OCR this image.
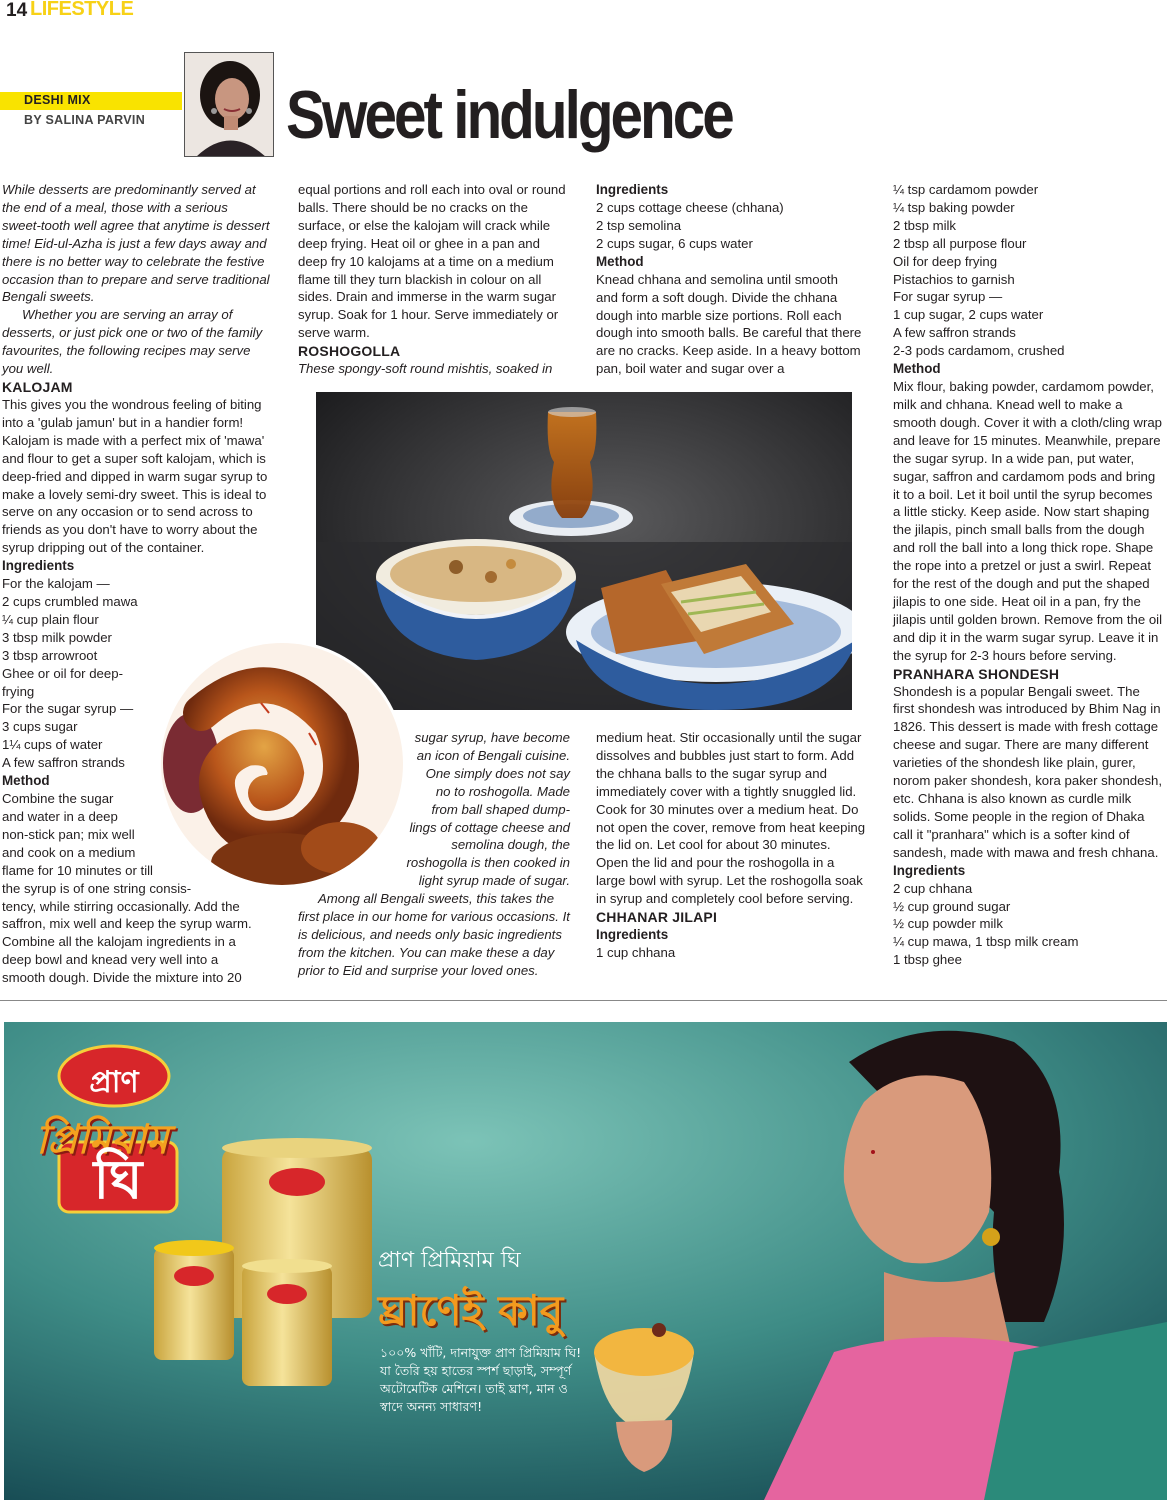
14 LIFESTYLE
DESHI MIX
BY SALINA PARVIN Sweet indulgence

While desserts are predominantly served at the end of a meal, those with a serious sweet-tooth well agree that anytime is dessert time! Eid-ul-Azha is just a few days away and there is no better way to celebrate the festive occasion than to prepare and serve traditional Bengali sweets.

Whether you are serving an array of desserts, or just pick one or two of the family favourites, the following recipes may serve you well.

KALOJAM

This gives you the wondrous feeling of biting into a 'gulab jamun' but in a handier form! Kalojam is made with a perfect mix of 'mawa' and flour to get a super soft kalojam, which is deep-fried and dipped in warm sugar syrup to make a lovely semi-dry sweet. This is ideal to serve on any occasion or to send across to friends as you don't have to worry about the syrup dripping out of the container.

Ingredients

For the kalojam —
2 cups crumbled mawa
¼ cup plain flour
3 tbsp milk powder
3 tbsp arrowroot
Ghee or oil for deep-
frying
For the sugar syrup —
3 cups sugar
1¼ cups of water
A few saffron strands

Method

Combine the sugar
and water in a deep
non-stick pan; mix well
and cook on a medium
flame for 10 minutes or till
the syrup is of one string consis-
tency, while stirring occasionally. Add the
saffron, mix well and keep the syrup warm.
Combine all the kalojam ingredients in a
deep bowl and knead very well into a
smooth dough. Divide the mixture into 20

equal portions and roll each into oval or round balls. There should be no cracks on the surface, or else the kalojam will crack while deep frying. Heat oil or ghee in a pan and deep fry 10 kalojams at a time on a medium flame till they turn blackish in colour on all sides. Drain and immerse in the warm sugar syrup. Soak for 1 hour. Serve immediately or serve warm.

ROSHOGOLLA

These spongy-soft round mishtis, soaked in

sugar syrup, have become
an icon of Bengali cuisine.
One simply does not say
no to roshogolla. Made
from ball shaped dump-
lings of cottage cheese and
semolina dough, the
roshogolla is then cooked in
light syrup made of sugar.

Among all Bengali sweets, this takes the first place in our home for various occasions. It is delicious, and needs only basic ingredients from the kitchen. You can make these a day prior to Eid and surprise your loved ones.

Ingredients

2 cups cottage cheese (chhana)
2 tsp semolina
2 cups sugar, 6 cups water

Method

Knead chhana and semolina until smooth and form a soft dough. Divide the chhana dough into marble size portions. Roll each dough into smooth balls. Be careful that there are no cracks. Keep aside. In a heavy bottom pan, boil water and sugar over a

medium heat. Stir occasionally until the sugar dissolves and bubbles just start to form. Add the chhana balls to the sugar syrup and immediately cover with a tightly snuggled lid. Cook for 30 minutes over a medium heat. Do not open the cover, remove from heat keeping the lid on. Let cool for about 30 minutes. Open the lid and pour the roshogolla in a large bowl with syrup. Let the roshogolla soak in syrup and completely cool before serving.

CHHANAR JILAPI

Ingredients

1 cup chhana

¼ tsp cardamom powder
¼ tsp baking powder
2 tbsp milk
2 tbsp all purpose flour
Oil for deep frying
Pistachios to garnish
For sugar syrup —
1 cup sugar, 2 cups water
A few saffron strands
2-3 pods cardamom, crushed

Method

Mix flour, baking powder, cardamom powder, milk and chhana. Knead well to make a smooth dough. Cover it with a cloth/cling wrap and leave for 15 minutes. Meanwhile, prepare the sugar syrup. In a wide pan, put water, sugar, saffron and cardamom pods and bring it to a boil. Let it boil until the syrup becomes a little sticky. Keep aside. Now start shaping the jilapis, pinch small balls from the dough and roll the ball into a long thick rope. Shape the rope into a pretzel or just a swirl. Repeat for the rest of the dough and put the shaped jilapis to one side. Heat oil in a pan, fry the jilapis until golden brown. Remove from the oil and dip it in the warm sugar syrup. Leave it in the syrup for 2-3 hours before serving.

PRANHARA SHONDESH

Shondesh is a popular Bengali sweet. The first shondesh was introduced by Bhim Nag in 1826. This dessert is made with fresh cottage cheese and sugar. There are many different varieties of the shondesh like plain, gurer, norom paker shondesh, kora paker shondesh, etc. Chhana is also known as curdle milk solids. Some people in the region of Dhaka call it "pranhara" which is a softer kind of sandesh, made with mawa and fresh chhana.

Ingredients

2 cup chhana
½ cup ground sugar
½ cup powder milk
¼ cup mawa, 1 tbsp milk cream
1 tbsp ghee
প্রাণ
প্রিমিয়াম
ঘি
প্রাণ প্রিমিয়াম ঘি
ঘ্রাণেই কাবু
১০০% খাঁটি, দানাযুক্ত প্রাণ প্রিমিয়াম ঘি!
যা তৈরি হয় হাতের স্পর্শ ছাড়াই, সম্পূর্ণ
অটোমেটিক মেশিনে। তাই ঘ্রাণ, মান ও
স্বাদে অনন্য সাধারণ!
